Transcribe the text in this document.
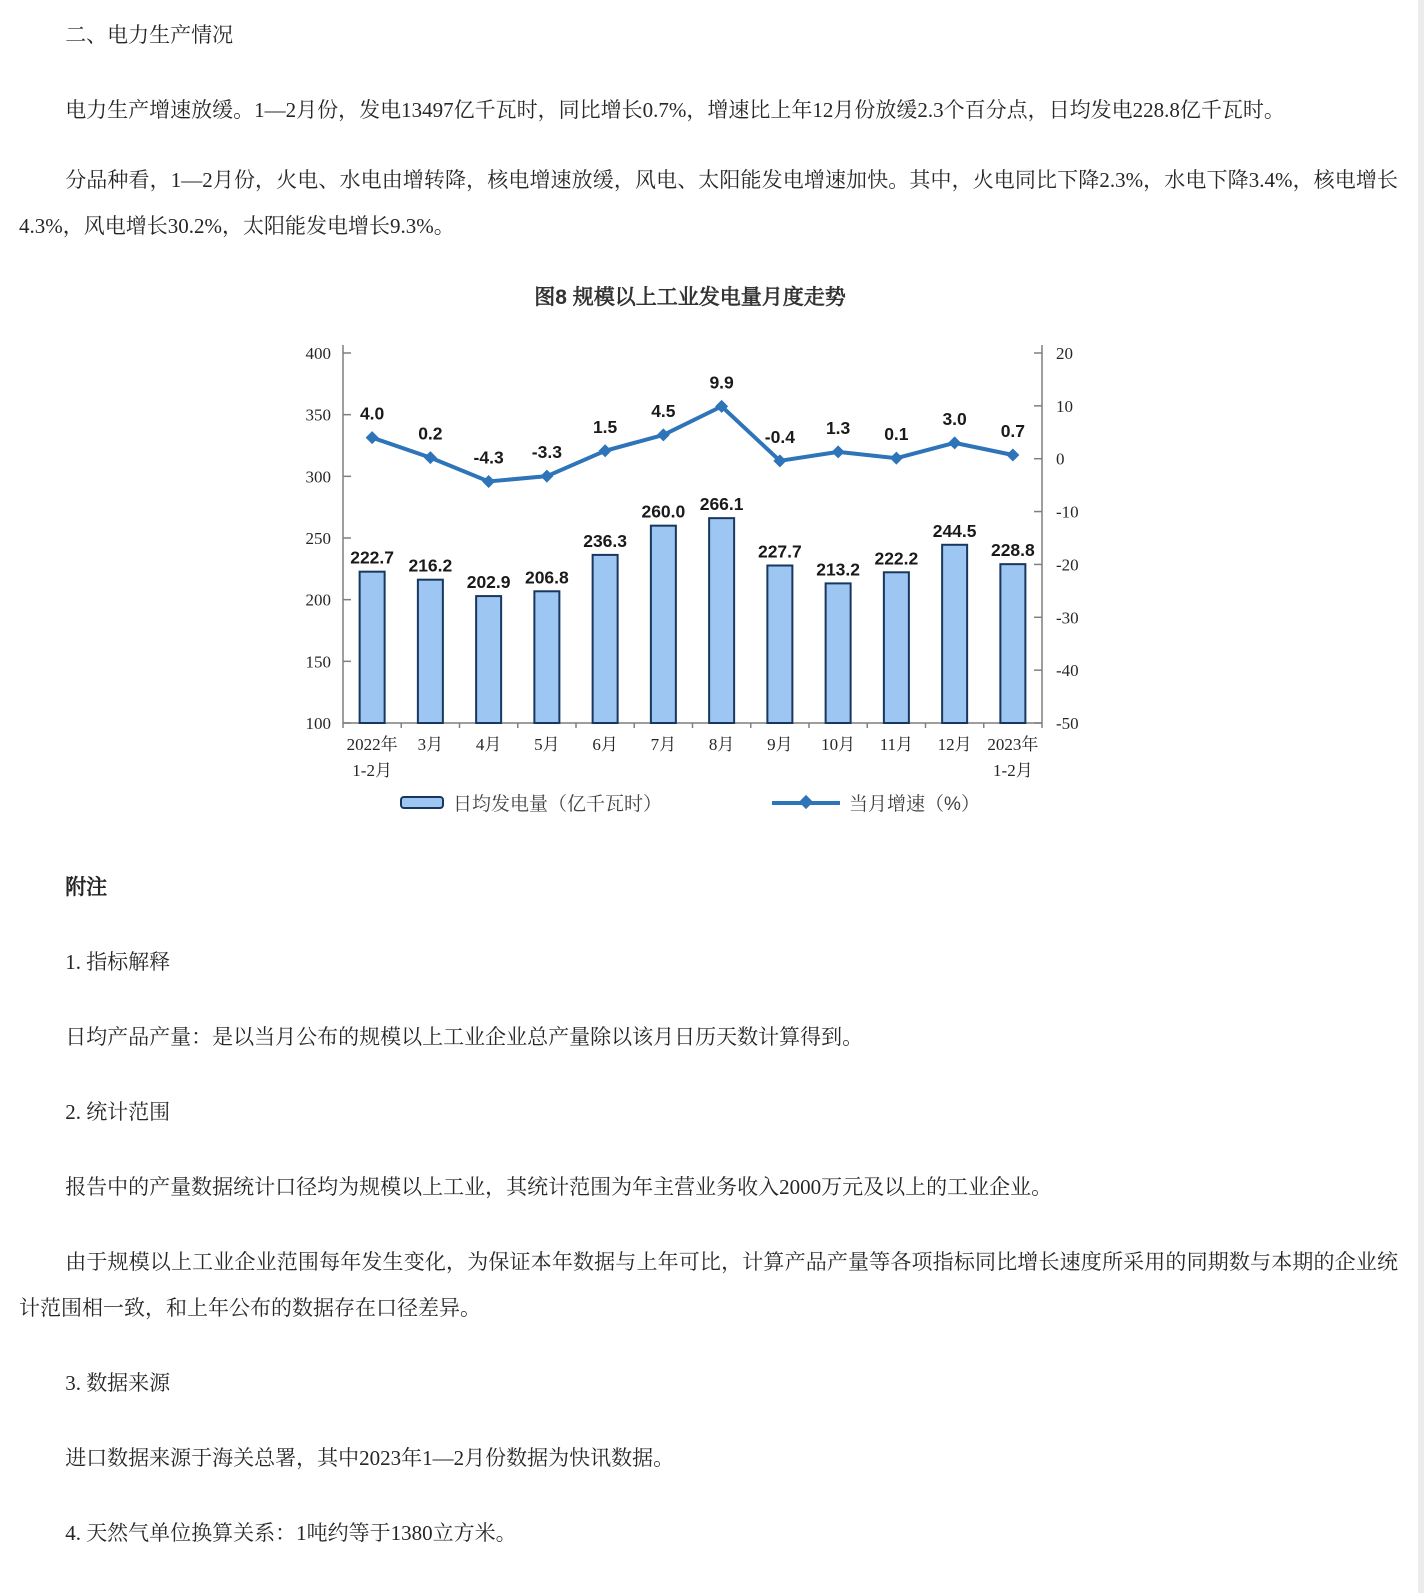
二、电力生产情况

电力生产增速放缓。1—2月份，发电13497亿千瓦时，同比增长0.7%，增速比上年12月份放缓2.3个百分点，日均发电228.8亿千瓦时。

分品种看，1—2月份，火电、水电由增转降，核电增速放缓，风电、太阳能发电增速加快。其中，火电同比下降2.3%，水电下降3.4%，核电增长4.3%，风电增长30.2%，太阳能发电增长9.3%。

图8 规模以上工业发电量月度走势
400
350
300
250
200
150
100
20
10
0
-10
-20
-30
-40
-50
222.7 216.2
202.9 206.8
236.3
260.0 266.1
227.7
213.2
222.2
244.5
228.8
4.0
0.2
-4.3 -3.3
1.5
4.5
9.9
-0.4 1.3 0.1
3.0
0.7
2022年
1-2月
3月 4月 5月 6月 7月 8月 9月 10月 11月 12月 2023年
1-2月
日均发电量（亿千瓦时）	当月增速（%）

附注

1. 指标解释

日均产品产量：是以当月公布的规模以上工业企业总产量除以该月日历天数计算得到。

2. 统计范围

报告中的产量数据统计口径均为规模以上工业，其统计范围为年主营业务收入2000万元及以上的工业企业。

由于规模以上工业企业范围每年发生变化，为保证本年数据与上年可比，计算产品产量等各项指标同比增长速度所采用的同期数与本期的企业统计范围相一致，和上年公布的数据存在口径差异。

3. 数据来源

进口数据来源于海关总署，其中2023年1—2月份数据为快讯数据。

4. 天然气单位换算关系：1吨约等于1380立方米。
